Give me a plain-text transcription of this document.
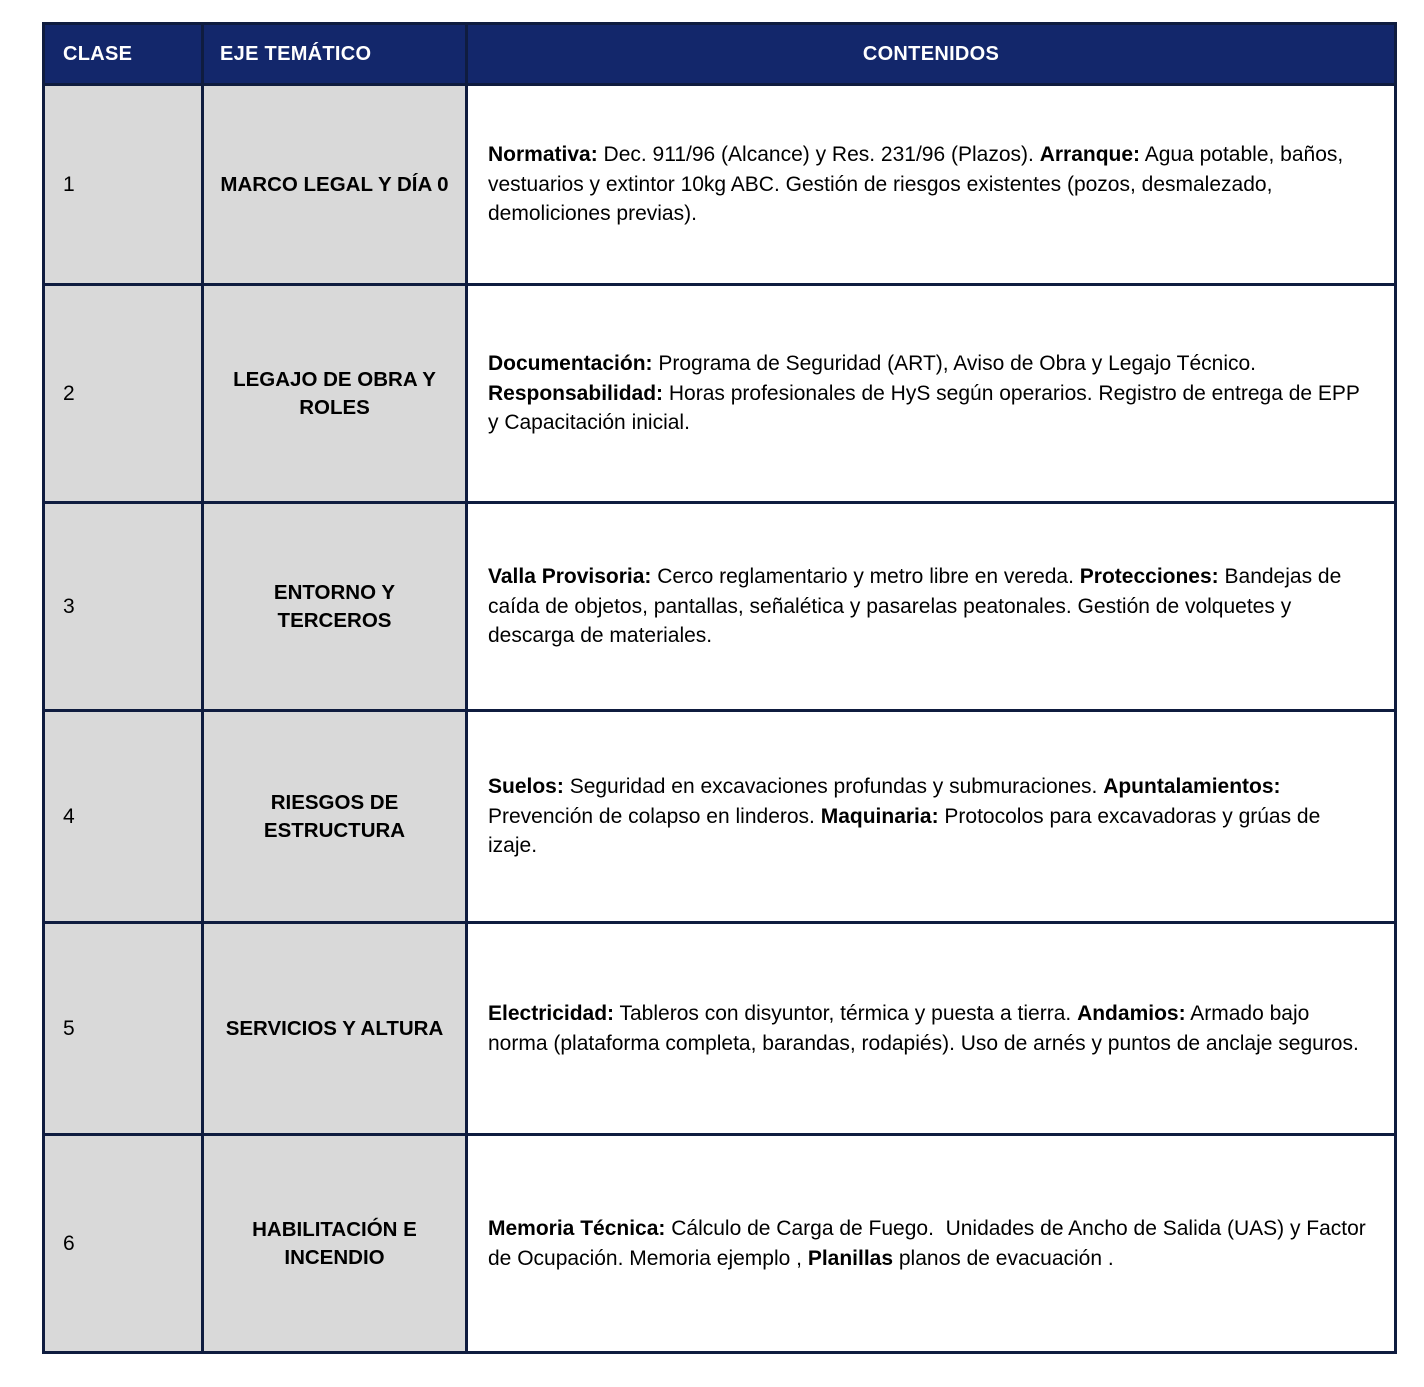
CLASE	EJE TEMÁTICO	CONTENIDOS
1	MARCO LEGAL Y DÍA 0	Normativa: Dec. 911/96 (Alcance) y Res. 231/96 (Plazos). Arranque: Agua potable, baños, vestuarios y extintor 10kg ABC. Gestión de riesgos existentes (pozos, desmalezado, demoliciones previas).
2	LEGAJO DE OBRA Y ROLES	Documentación: Programa de Seguridad (ART), Aviso de Obra y Legajo Técnico. Responsabilidad: Horas profesionales de HyS según operarios. Registro de entrega de EPP y Capacitación inicial.
3	ENTORNO Y TERCEROS	Valla Provisoria: Cerco reglamentario y metro libre en vereda. Protecciones: Bandejas de caída de objetos, pantallas, señalética y pasarelas peatonales. Gestión de volquetes y descarga de materiales.
4	RIESGOS DE ESTRUCTURA	Suelos: Seguridad en excavaciones profundas y submuraciones. Apuntalamientos: Prevención de colapso en linderos. Maquinaria: Protocolos para excavadoras y grúas de izaje.
5	SERVICIOS Y ALTURA	Electricidad: Tableros con disyuntor, térmica y puesta a tierra. Andamios: Armado bajo norma (plataforma completa, barandas, rodapiés). Uso de arnés y puntos de anclaje seguros.
6	HABILITACIÓN E INCENDIO	Memoria Técnica: Cálculo de Carga de Fuego.  Unidades de Ancho de Salida (UAS) y Factor de Ocupación. Memoria ejemplo , Planillas planos de evacuación .
